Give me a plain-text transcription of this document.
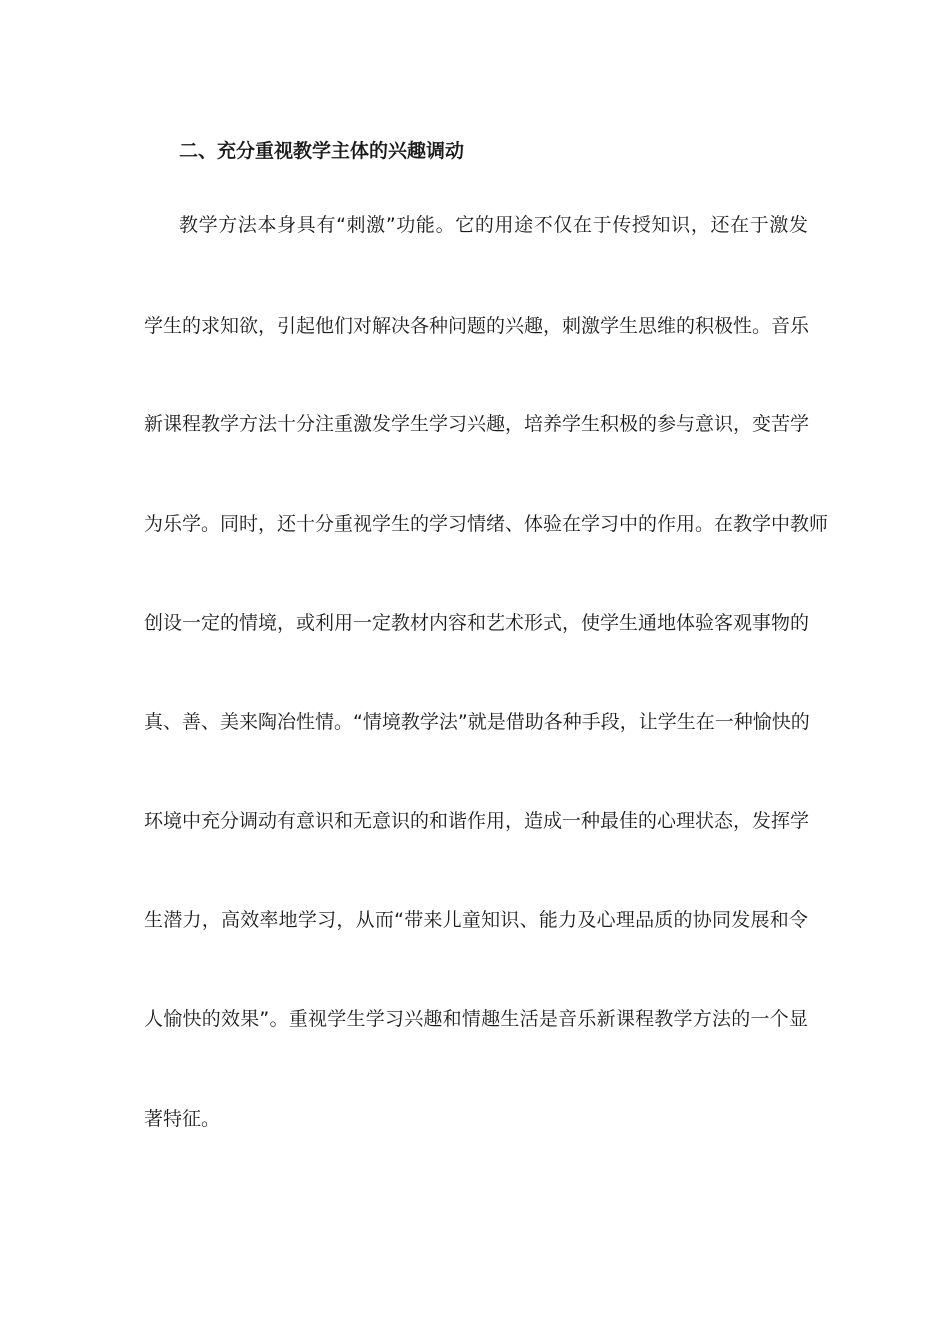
二、充分重视教学主体的兴趣调动
教学方法本身具有“刺激”功能。它的用途不仅在于传授知识，还在于激发
学生的求知欲，引起他们对解决各种问题的兴趣，刺激学生思维的积极性。音乐
新课程教学方法十分注重激发学生学习兴趣，培养学生积极的参与意识，变苦学
为乐学。同时，还十分重视学生的学习情绪、体验在学习中的作用。在教学中教师
创设一定的情境，或利用一定教材内容和艺术形式，使学生通地体验客观事物的
真、善、美来陶冶性情。“情境教学法”就是借助各种手段，让学生在一种愉快的
环境中充分调动有意识和无意识的和谐作用，造成一种最佳的心理状态，发挥学
生潜力，高效率地学习，从而“带来儿童知识、能力及心理品质的协同发展和令
人愉快的效果”。重视学生学习兴趣和情趣生活是音乐新课程教学方法的一个显
著特征。
